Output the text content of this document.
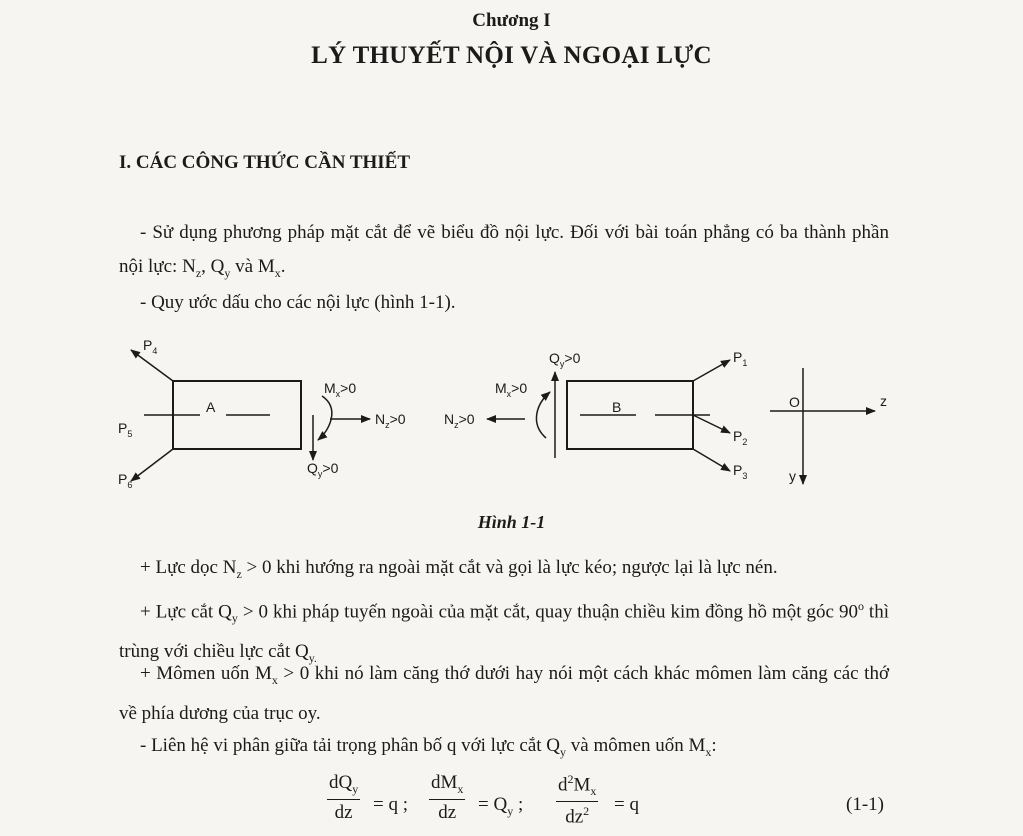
Chương I
LÝ THUYẾT NỘI VÀ NGOẠI LỰC
I. CÁC CÔNG THỨC CẦN THIẾT
- Sử dụng phương pháp mặt cắt để vẽ biểu đồ nội lực. Đối với bài toán phẳng có ba thành phần nội lực: $N_z$, $Q_y$ và $M_x$.
- Quy ước dấu cho các nội lực (hình 1-1).
A
$P_4$
$P_6$
$P_5$
$M_x>0$
$N_z>0$
$Q_y>0$
$N_z>0$
$M_x>0$
$Q_y>0$
B
$P_1$
$P_2$
$P_3$
O	z
y
Hình 1-1
+ Lực dọc $N_z > 0$ khi hướng ra ngoài mặt cắt và gọi là lực kéo; ngược lại là lực nén.
+ Lực cắt $Q_y > 0$ khi pháp tuyến ngoài của mặt cắt, quay thuận chiều kim đồng hồ một góc 90$^o$ thì trùng với chiều lực cắt $Q_{y.}$
+ Mômen uốn $M_x > 0$ khi nó làm căng thớ dưới hay nói một cách khác mômen làm căng các thớ về phía dương của trục oy.
- Liên hệ vi phân giữa tải trọng phân bố q với lực cắt $Q_y$ và mômen uốn $M_x$:
$dQ_y$
dz	= q ;
$dM_x$
dz	= $Q_y$ ; $\frac{d^2M_x}{dz^2} = q$	(1-1)
